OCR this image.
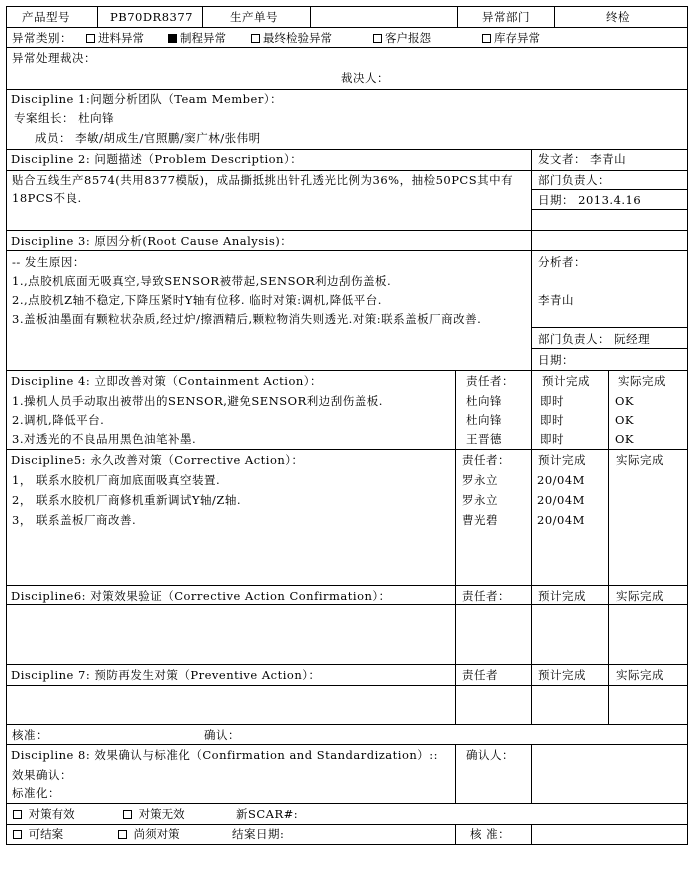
产品型号	PB70DR8377	生产单号	异常部门	终检
异常类别：	进料异常	制程异常	最终检验异常	客户报怨	库存异常
异常处理裁决：
裁决人：
Discipline 1:问题分析团队（Team Member）：
专案组长： 杜向锋
成员： 李敏/胡成生/官照鹏/窦广林/张伟明
Discipline 2: 问题描述（Problem Description）：
贴合五线生产8574(共用8377模版)，成品撕抵挑出针孔透光比例为36%，抽检50PCS其中有18PCS不良.
发文者： 李青山
部门负责人：
日期： 2013.4.16
Discipline 3: 原因分析(Root Cause Analysis)：
-- 发生原因：
1.,点胶机底面无吸真空,导致SENSOR被带起,SENSOR利边刮伤盖板.
2.,点胶机Z轴不稳定,下降压紧时Y轴有位移. 临时对策:调机,降低平台.
3.盖板油墨面有颗粒状杂质,经过炉/擦酒精后,颗粒物消失则透光.对策:联系盖板厂商改善.
分析者：
李青山
部门负责人： 阮经理
日期：
Discipline 4: 立即改善对策（Containment Action）：	责任者： 预计完成 实际完成
1.操机人员手动取出被带出的SENSOR,避免SENSOR利边刮伤盖板.	杜向锋	即时	OK
2.调机,降低平台.	杜向锋	即时	OK
3.对透光的不良品用黑色油笔补墨.	王晋德	即时	OK
Discipline5: 永久改善对策（Corrective Action）：	责任者： 预计完成	实际完成
1， 联系水胶机厂商加底面吸真空装置.	罗永立	20/04M
2， 联系水胶机厂商修机重新调试Y轴/Z轴.	罗永立	20/04M
3， 联系盖板厂商改善.	曹光碧	20/04M
Discipline6: 对策效果验证（Corrective Action Confirmation）：	责任者： 预计完成	实际完成
Discipline 7: 预防再发生对策（Preventive Action）：	责任者	预计完成	实际完成
核准：	确认：
Discipline 8: 效果确认与标准化（Confirmation and Standardization）::
效果确认：
标准化：
确认人：
对策有效	对策无效	新SCAR#:
可结案	尚须对策	结案日期:	核 准：
